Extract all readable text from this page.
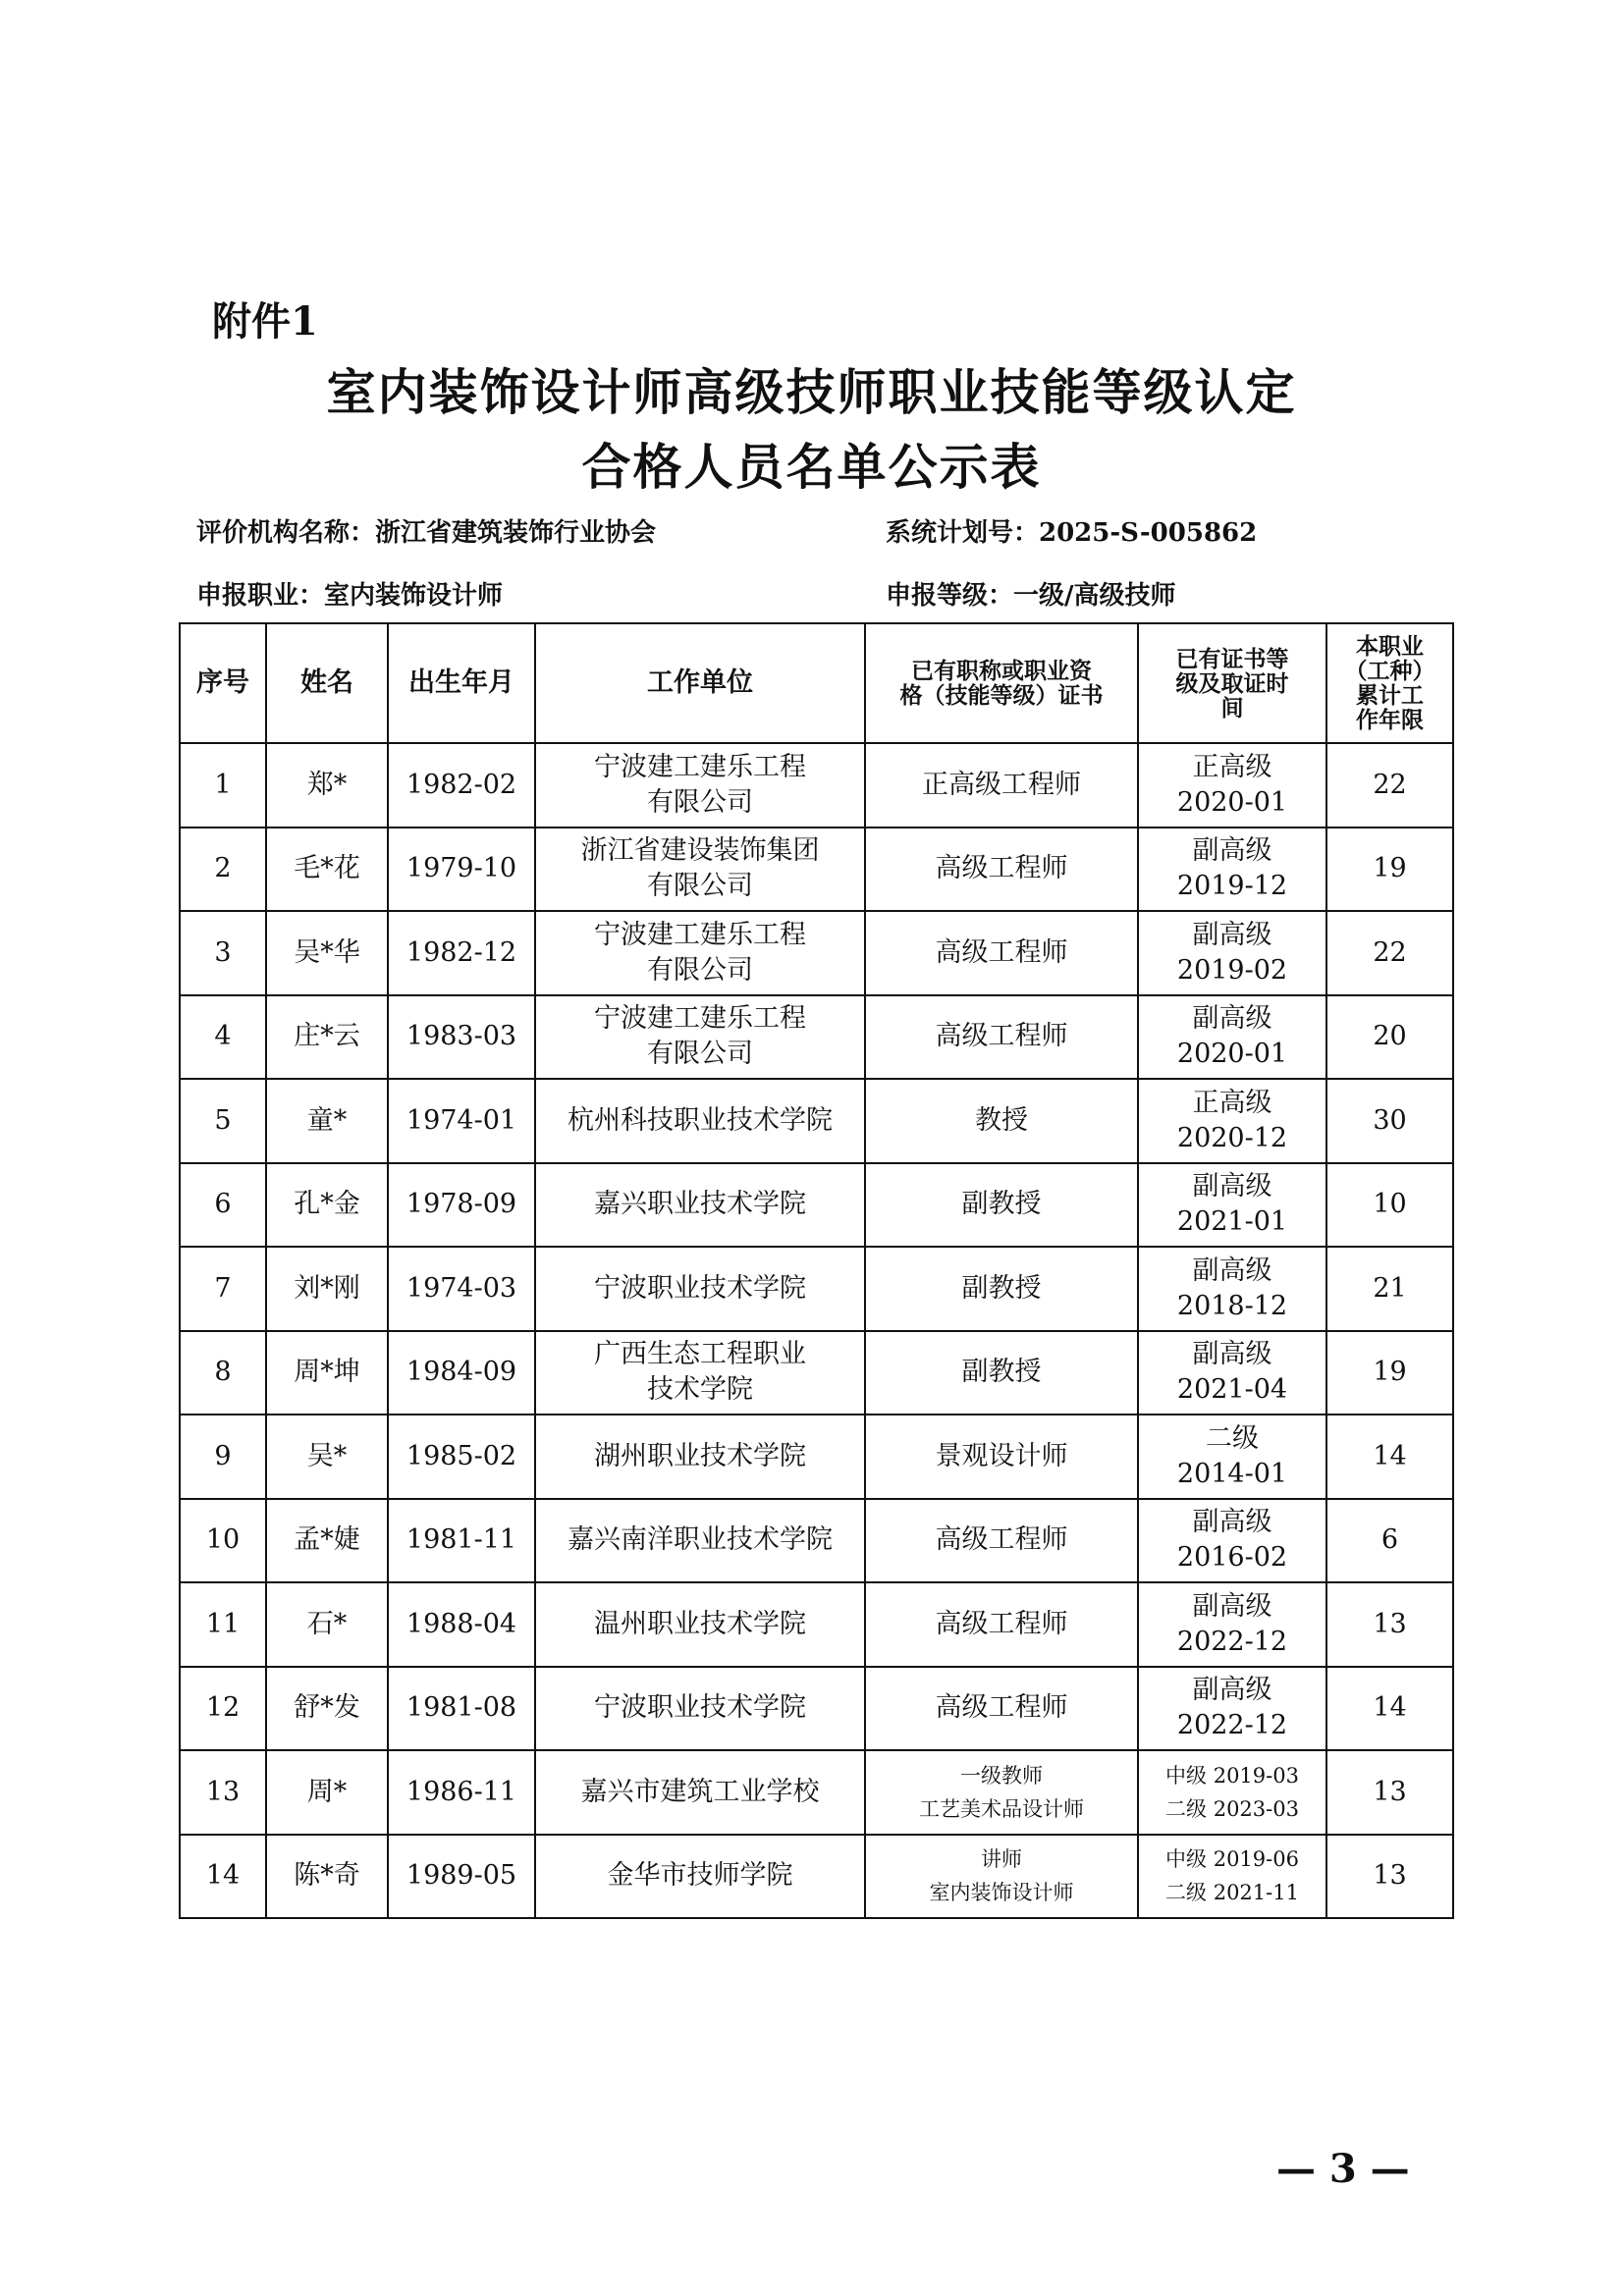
附件1
室内装饰设计师高级技师职业技能等级认定
合格人员名单公示表
评价机构名称：浙江省建筑装饰行业协会	系统计划号：2025-S-005862
申报职业：室内装饰设计师	申报等级：一级/高级技师
序号	姓名	出生年月	工作单位	已有职称或职业资
格（技能等级）证书	已有证书等
级及取证时
间	本职业
（工种）
累计工
作年限
1	郑*	1982-02	宁波建工建乐工程
有限公司	正高级工程师	正高级
2020-01	22
2	毛*花	1979-10	浙江省建设装饰集团
有限公司	高级工程师	副高级
2019-12	19
3	吴*华	1982-12	宁波建工建乐工程
有限公司	高级工程师	副高级
2019-02	22
4	庄*云	1983-03	宁波建工建乐工程
有限公司	高级工程师	副高级
2020-01	20
5	童*	1974-01	杭州科技职业技术学院	教授	正高级
2020-12	30
6	孔*金	1978-09	嘉兴职业技术学院	副教授	副高级
2021-01	10
7	刘*刚	1974-03	宁波职业技术学院	副教授	副高级
2018-12	21
8	周*坤	1984-09	广西生态工程职业
技术学院	副教授	副高级
2021-04	19
9	吴*	1985-02	湖州职业技术学院	景观设计师	二级
2014-01	14
10	孟*婕	1981-11	嘉兴南洋职业技术学院	高级工程师	副高级
2016-02	6
11	石*	1988-04	温州职业技术学院	高级工程师	副高级
2022-12	13
12	舒*发	1981-08	宁波职业技术学院	高级工程师	副高级
2022-12	14
13	周*	1986-11	嘉兴市建筑工业学校	一级教师
工艺美术品设计师	中级 2019-03
二级 2023-03	13
14	陈*奇	1989-05	金华市技师学院	讲师
室内装饰设计师	中级 2019-06
二级 2021-11	13
— 3 —
